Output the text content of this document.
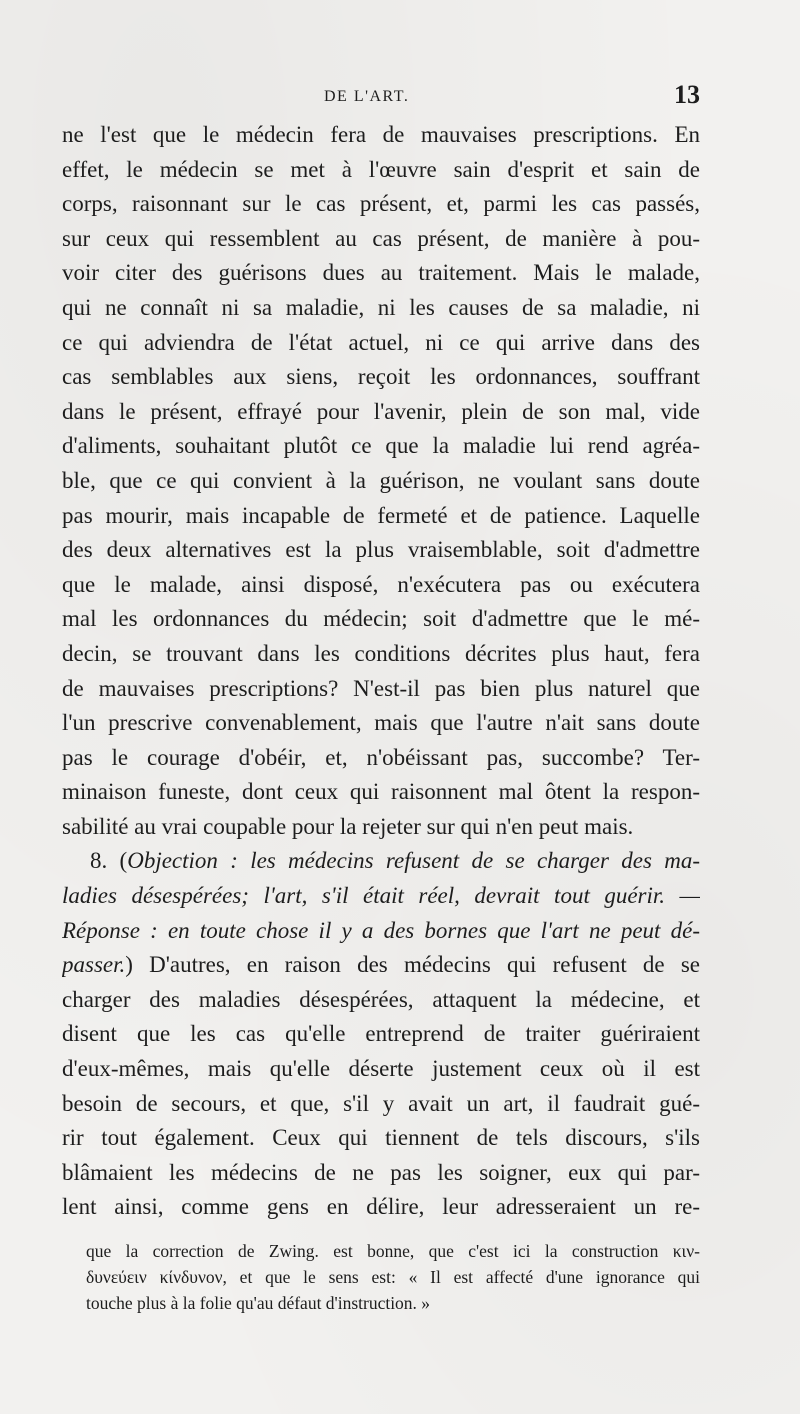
DE L'ART.	13
ne l'est que le médecin fera de mauvaises prescriptions. En
effet, le médecin se met à l'œuvre sain d'esprit et sain de
corps, raisonnant sur le cas présent, et, parmi les cas passés,
sur ceux qui ressemblent au cas présent, de manière à pou-
voir citer des guérisons dues au traitement. Mais le malade,
qui ne connaît ni sa maladie, ni les causes de sa maladie, ni
ce qui adviendra de l'état actuel, ni ce qui arrive dans des
cas semblables aux siens, reçoit les ordonnances, souffrant
dans le présent, effrayé pour l'avenir, plein de son mal, vide
d'aliments, souhaitant plutôt ce que la maladie lui rend agréa-
ble, que ce qui convient à la guérison, ne voulant sans doute
pas mourir, mais incapable de fermeté et de patience. Laquelle
des deux alternatives est la plus vraisemblable, soit d'admettre
que le malade, ainsi disposé, n'exécutera pas ou exécutera
mal les ordonnances du médecin; soit d'admettre que le mé-
decin, se trouvant dans les conditions décrites plus haut, fera
de mauvaises prescriptions? N'est-il pas bien plus naturel que
l'un prescrive convenablement, mais que l'autre n'ait sans doute
pas le courage d'obéir, et, n'obéissant pas, succombe? Ter-
minaison funeste, dont ceux qui raisonnent mal ôtent la respon-
sabilité au vrai coupable pour la rejeter sur qui n'en peut mais.
8. (Objection : les médecins refusent de se charger des ma-
ladies désespérées; l'art, s'il était réel, devrait tout guérir. —
Réponse : en toute chose il y a des bornes que l'art ne peut dé-
passer.) D'autres, en raison des médecins qui refusent de se
charger des maladies désespérées, attaquent la médecine, et
disent que les cas qu'elle entreprend de traiter guériraient
d'eux-mêmes, mais qu'elle déserte justement ceux où il est
besoin de secours, et que, s'il y avait un art, il faudrait gué-
rir tout également. Ceux qui tiennent de tels discours, s'ils
blâmaient les médecins de ne pas les soigner, eux qui par-
lent ainsi, comme gens en délire, leur adresseraient un re-
que la correction de Zwing. est bonne, que c'est ici la construction κιν-
δυνεύειν κίνδυνον, et que le sens est: « Il est affecté d'une ignorance qui
touche plus à la folie qu'au défaut d'instruction. »
